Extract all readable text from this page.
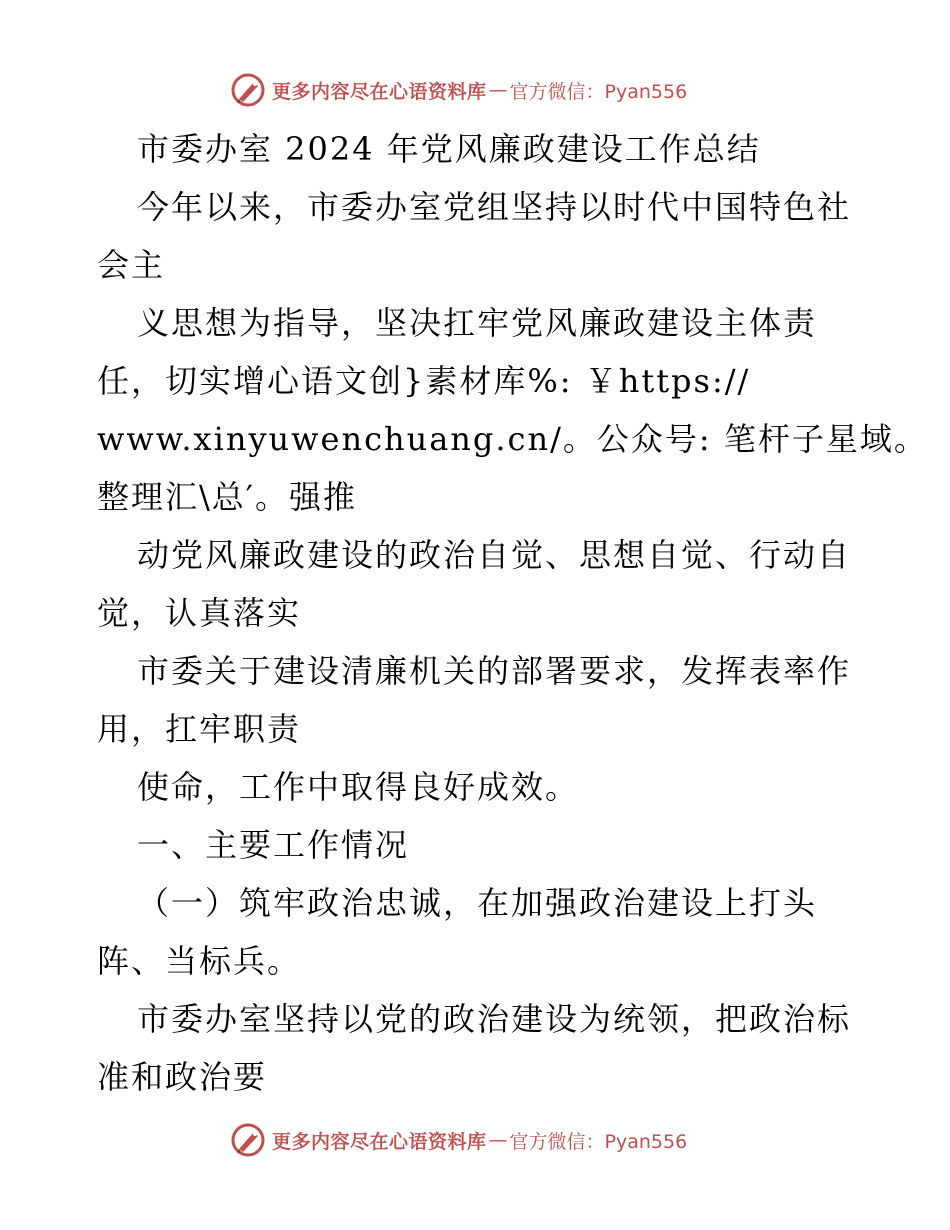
更多内容尽在心语资料库 — 官方微信：Pyan556
市委办室 2024 年党风廉政建设工作总结
今年以来，市委办室党组坚持以时代中国特色社
会主
义思想为指导，坚决扛牢党风廉政建设主体责
任，切实增心语文创}素材库%: ￥https://
www.xinyuwenchuang.cn/。公众号: 笔杆子星域。
整理汇\总′。强推
动党风廉政建设的政治自觉、思想自觉、行动自
觉，认真落实
市委关于建设清廉机关的部署要求，发挥表率作
用，扛牢职责
使命，工作中取得良好成效。
一、主要工作情况
（一）筑牢政治忠诚，在加强政治建设上打头
阵、当标兵。
市委办室坚持以党的政治建设为统领，把政治标
准和政治要
更多内容尽在心语资料库 — 官方微信：Pyan556
